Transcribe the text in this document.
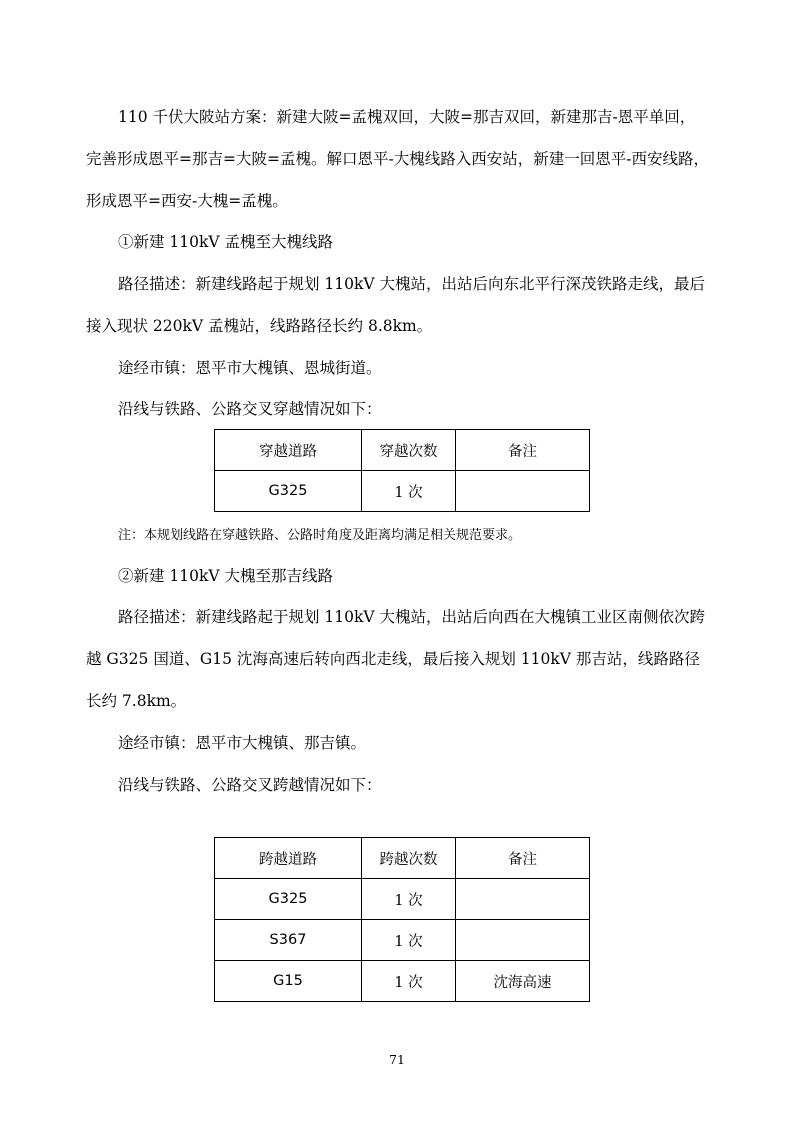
110 千伏大陂站方案：新建大陂=孟槐双回，大陂=那吉双回，新建那吉-恩平单回，
完善形成恩平=那吉=大陂=孟槐。解口恩平-大槐线路入西安站，新建一回恩平-西安线路，
形成恩平=西安-大槐=孟槐。
①新建 110kV 孟槐至大槐线路
路径描述：新建线路起于规划 110kV 大槐站，出站后向东北平行深茂铁路走线，最后
接入现状 220kV 孟槐站，线路路径长约 8.8km。
途经市镇：恩平市大槐镇、恩城街道。
沿线与铁路、公路交叉穿越情况如下：
穿越道路	穿越次数	备注
G325	1 次	
注：本规划线路在穿越铁路、公路时角度及距离均满足相关规范要求。
②新建 110kV 大槐至那吉线路
路径描述：新建线路起于规划 110kV 大槐站，出站后向西在大槐镇工业区南侧依次跨
越 G325 国道、G15 沈海高速后转向西北走线，最后接入规划 110kV 那吉站，线路路径
长约 7.8km。
途经市镇：恩平市大槐镇、那吉镇。
沿线与铁路、公路交叉跨越情况如下：
跨越道路	跨越次数	备注
G325	1 次	
S367	1 次	
G15	1 次	沈海高速
71
